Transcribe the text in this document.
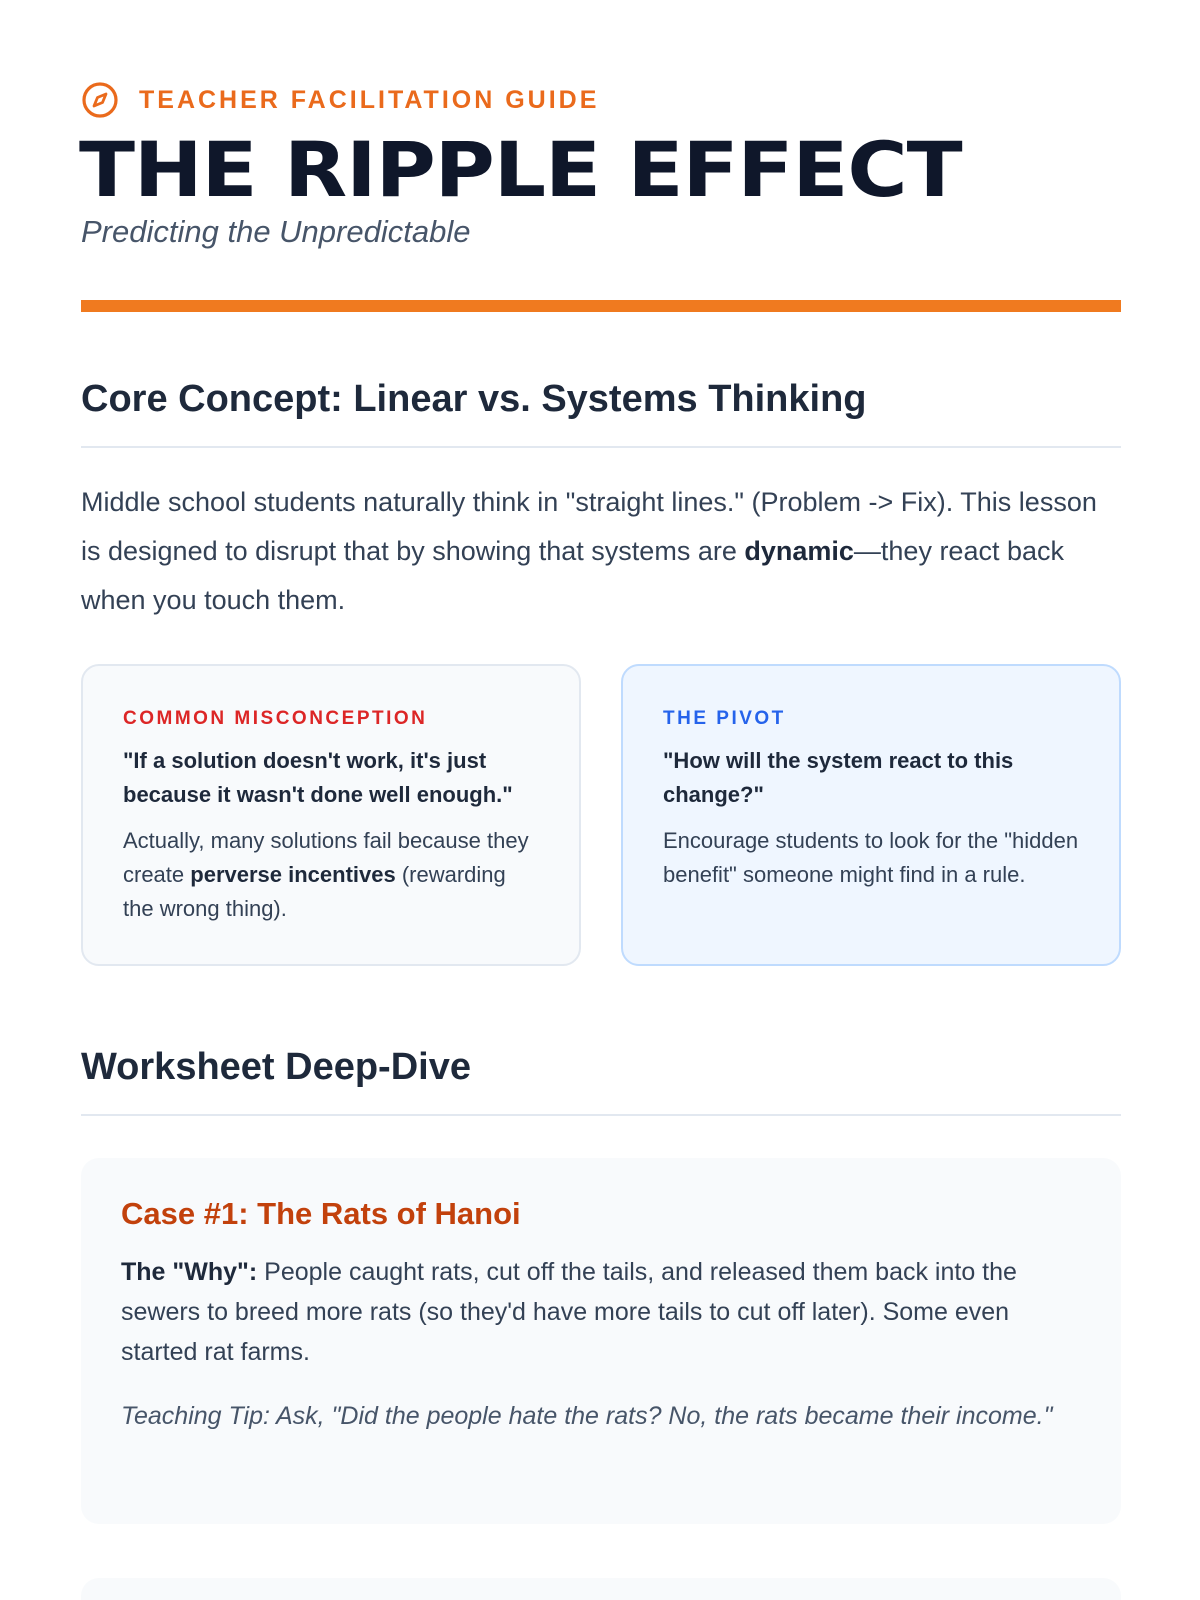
TEACHER FACILITATION GUIDE
THE RIPPLE EFFECT

Predicting the Unpredictable

Core Concept: Linear vs. Systems Thinking

Middle school students naturally think in "straight lines." (Problem -> Fix). This lesson is designed to disrupt that by showing that systems are dynamic—they react back when you touch them.

COMMON MISCONCEPTION

"If a solution doesn't work, it's just because it wasn't done well enough."

Actually, many solutions fail because they create perverse incentives (rewarding the wrong thing).

THE PIVOT

"How will the system react to this change?"

Encourage students to look for the "hidden benefit" someone might find in a rule.

Worksheet Deep-Dive
Case #1: The Rats of Hanoi

The "Why": People caught rats, cut off the tails, and released them back into the sewers to breed more rats (so they'd have more tails to cut off later). Some even started rat farms.

Teaching Tip: Ask, "Did the people hate the rats? No, the rats became their income."
